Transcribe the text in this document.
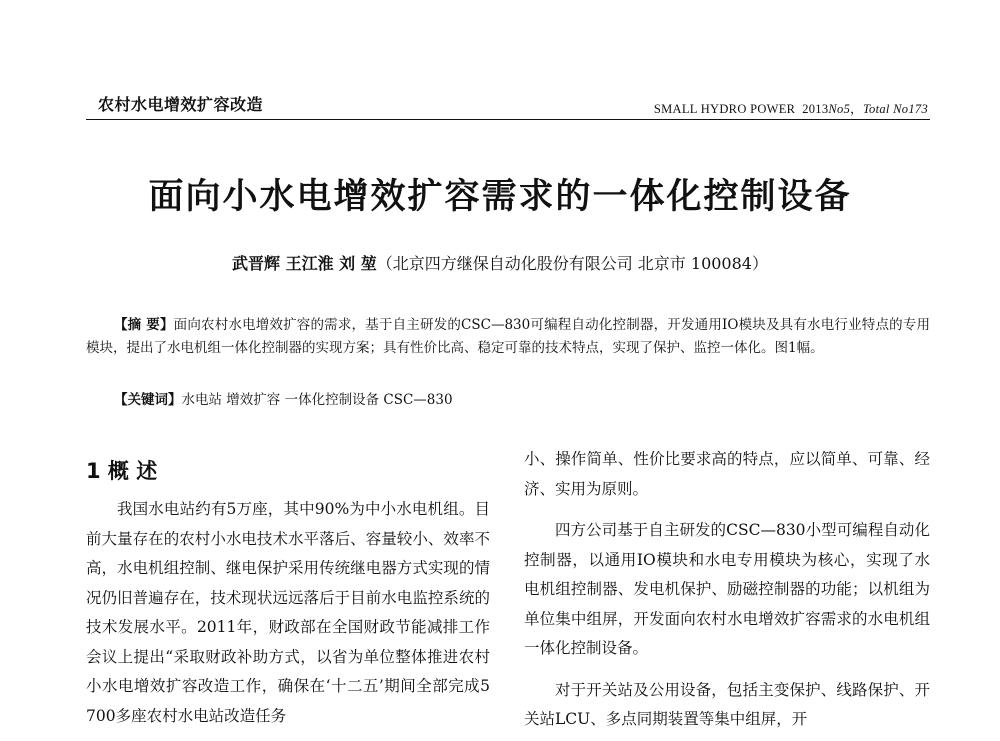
农村水电增效扩容改造	SMALL HYDRO POWER 2013No5，Total No173
面向小水电增效扩容需求的一体化控制设备
武晋辉 王江淮 刘 堃（北京四方继保自动化股份有限公司 北京市 100084）

【摘 要】面向农村水电增效扩容的需求，基于自主研发的CSC—830可编程自动化控制器，开发通用IO模块及具有水电行业特点的专用模块，提出了水电机组一体化控制器的实现方案；具有性价比高、稳定可靠的技术特点，实现了保护、监控一体化。图1幅。

【关键词】水电站 增效扩容 一体化控制设备 CSC—830
1 概 述

我国水电站约有5万座，其中90%为中小水电机组。目前大量存在的农村小水电技术水平落后、容量较小、效率不高，水电机组控制、继电保护采用传统继电器方式实现的情况仍旧普遍存在，技术现状远远落后于目前水电监控系统的技术发展水平。2011年，财政部在全国财政节能减排工作会议上提出“采取财政补助方式，以省为单位整体推进农村小水电增效扩容改造工作，确保在‘十二五’期间全部完成5 700多座农村水电站改造任务

小、操作简单、性价比要求高的特点，应以简单、可靠、经济、实用为原则。

四方公司基于自主研发的CSC—830小型可编程自动化控制器，以通用IO模块和水电专用模块为核心，实现了水电机组控制器、发电机保护、励磁控制器的功能；以机组为单位集中组屏，开发面向农村水电增效扩容需求的水电机组一体化控制设备。

对于开关站及公用设备，包括主变保护、线路保护、开关站LCU、多点同期装置等集中组屏，开
